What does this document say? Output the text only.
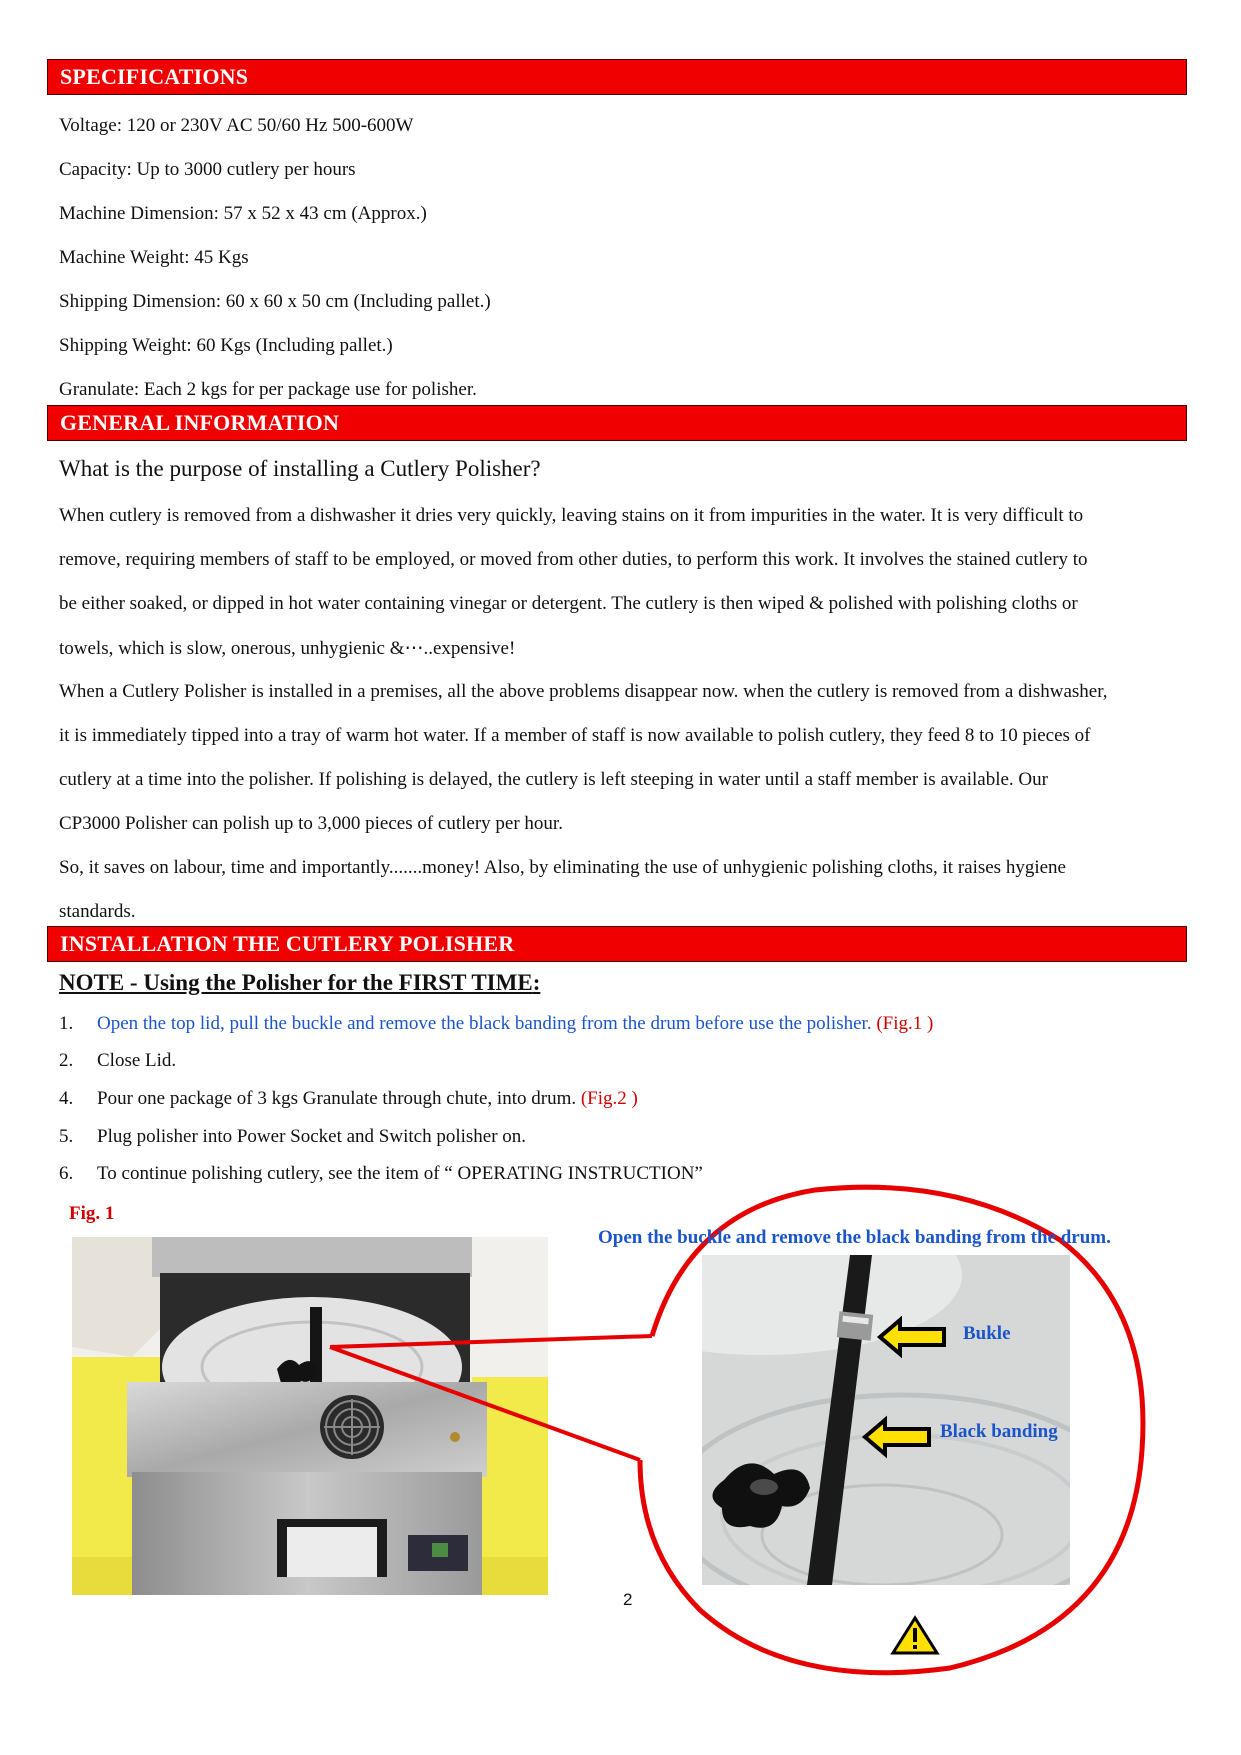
SPECIFICATIONS
Voltage: 120 or 230V AC 50/60 Hz 500-600W
Capacity: Up to 3000 cutlery per hours
Machine Dimension: 57 x 52 x 43 cm (Approx.)
Machine Weight: 45 Kgs
Shipping Dimension: 60 x 60 x 50 cm (Including pallet.)
Shipping Weight: 60 Kgs (Including pallet.)
Granulate: Each 2 kgs for per package use for polisher.
GENERAL INFORMATION
What is the purpose of installing a Cutlery Polisher?
When cutlery is removed from a dishwasher it dries very quickly, leaving stains on it from impurities in the water. It is very difficult to
remove, requiring members of staff to be employed, or moved from other duties, to perform this work. It involves the stained cutlery to
be either soaked, or dipped in hot water containing vinegar or detergent. The cutlery is then wiped & polished with polishing cloths or
towels, which is slow, onerous, unhygienic &⋯..expensive!
When a Cutlery Polisher is installed in a premises, all the above problems disappear now. when the cutlery is removed from a dishwasher,
it is immediately tipped into a tray of warm hot water. If a member of staff is now available to polish cutlery, they feed 8 to 10 pieces of
cutlery at a time into the polisher. If polishing is delayed, the cutlery is left steeping in water until a staff member is available. Our
CP3000 Polisher can polish up to 3,000 pieces of cutlery per hour.
So, it saves on labour, time and importantly.......money! Also, by eliminating the use of unhygienic polishing cloths, it raises hygiene
standards.
INSTALLATION THE CUTLERY POLISHER
NOTE - Using the Polisher for the FIRST TIME:
1. Open the top lid, pull the buckle and remove the black banding from the drum before use the polisher. (Fig.1 )
2. Close Lid.
4. Pour one package of 3 kgs Granulate through chute, into drum. (Fig.2 )
5. Plug polisher into Power Socket and Switch polisher on.
6. To continue polishing cutlery, see the item of “ OPERATING INSTRUCTION”
Fig. 1
Open the buckle and remove the black banding from the drum.
Bukle
Black banding
2
